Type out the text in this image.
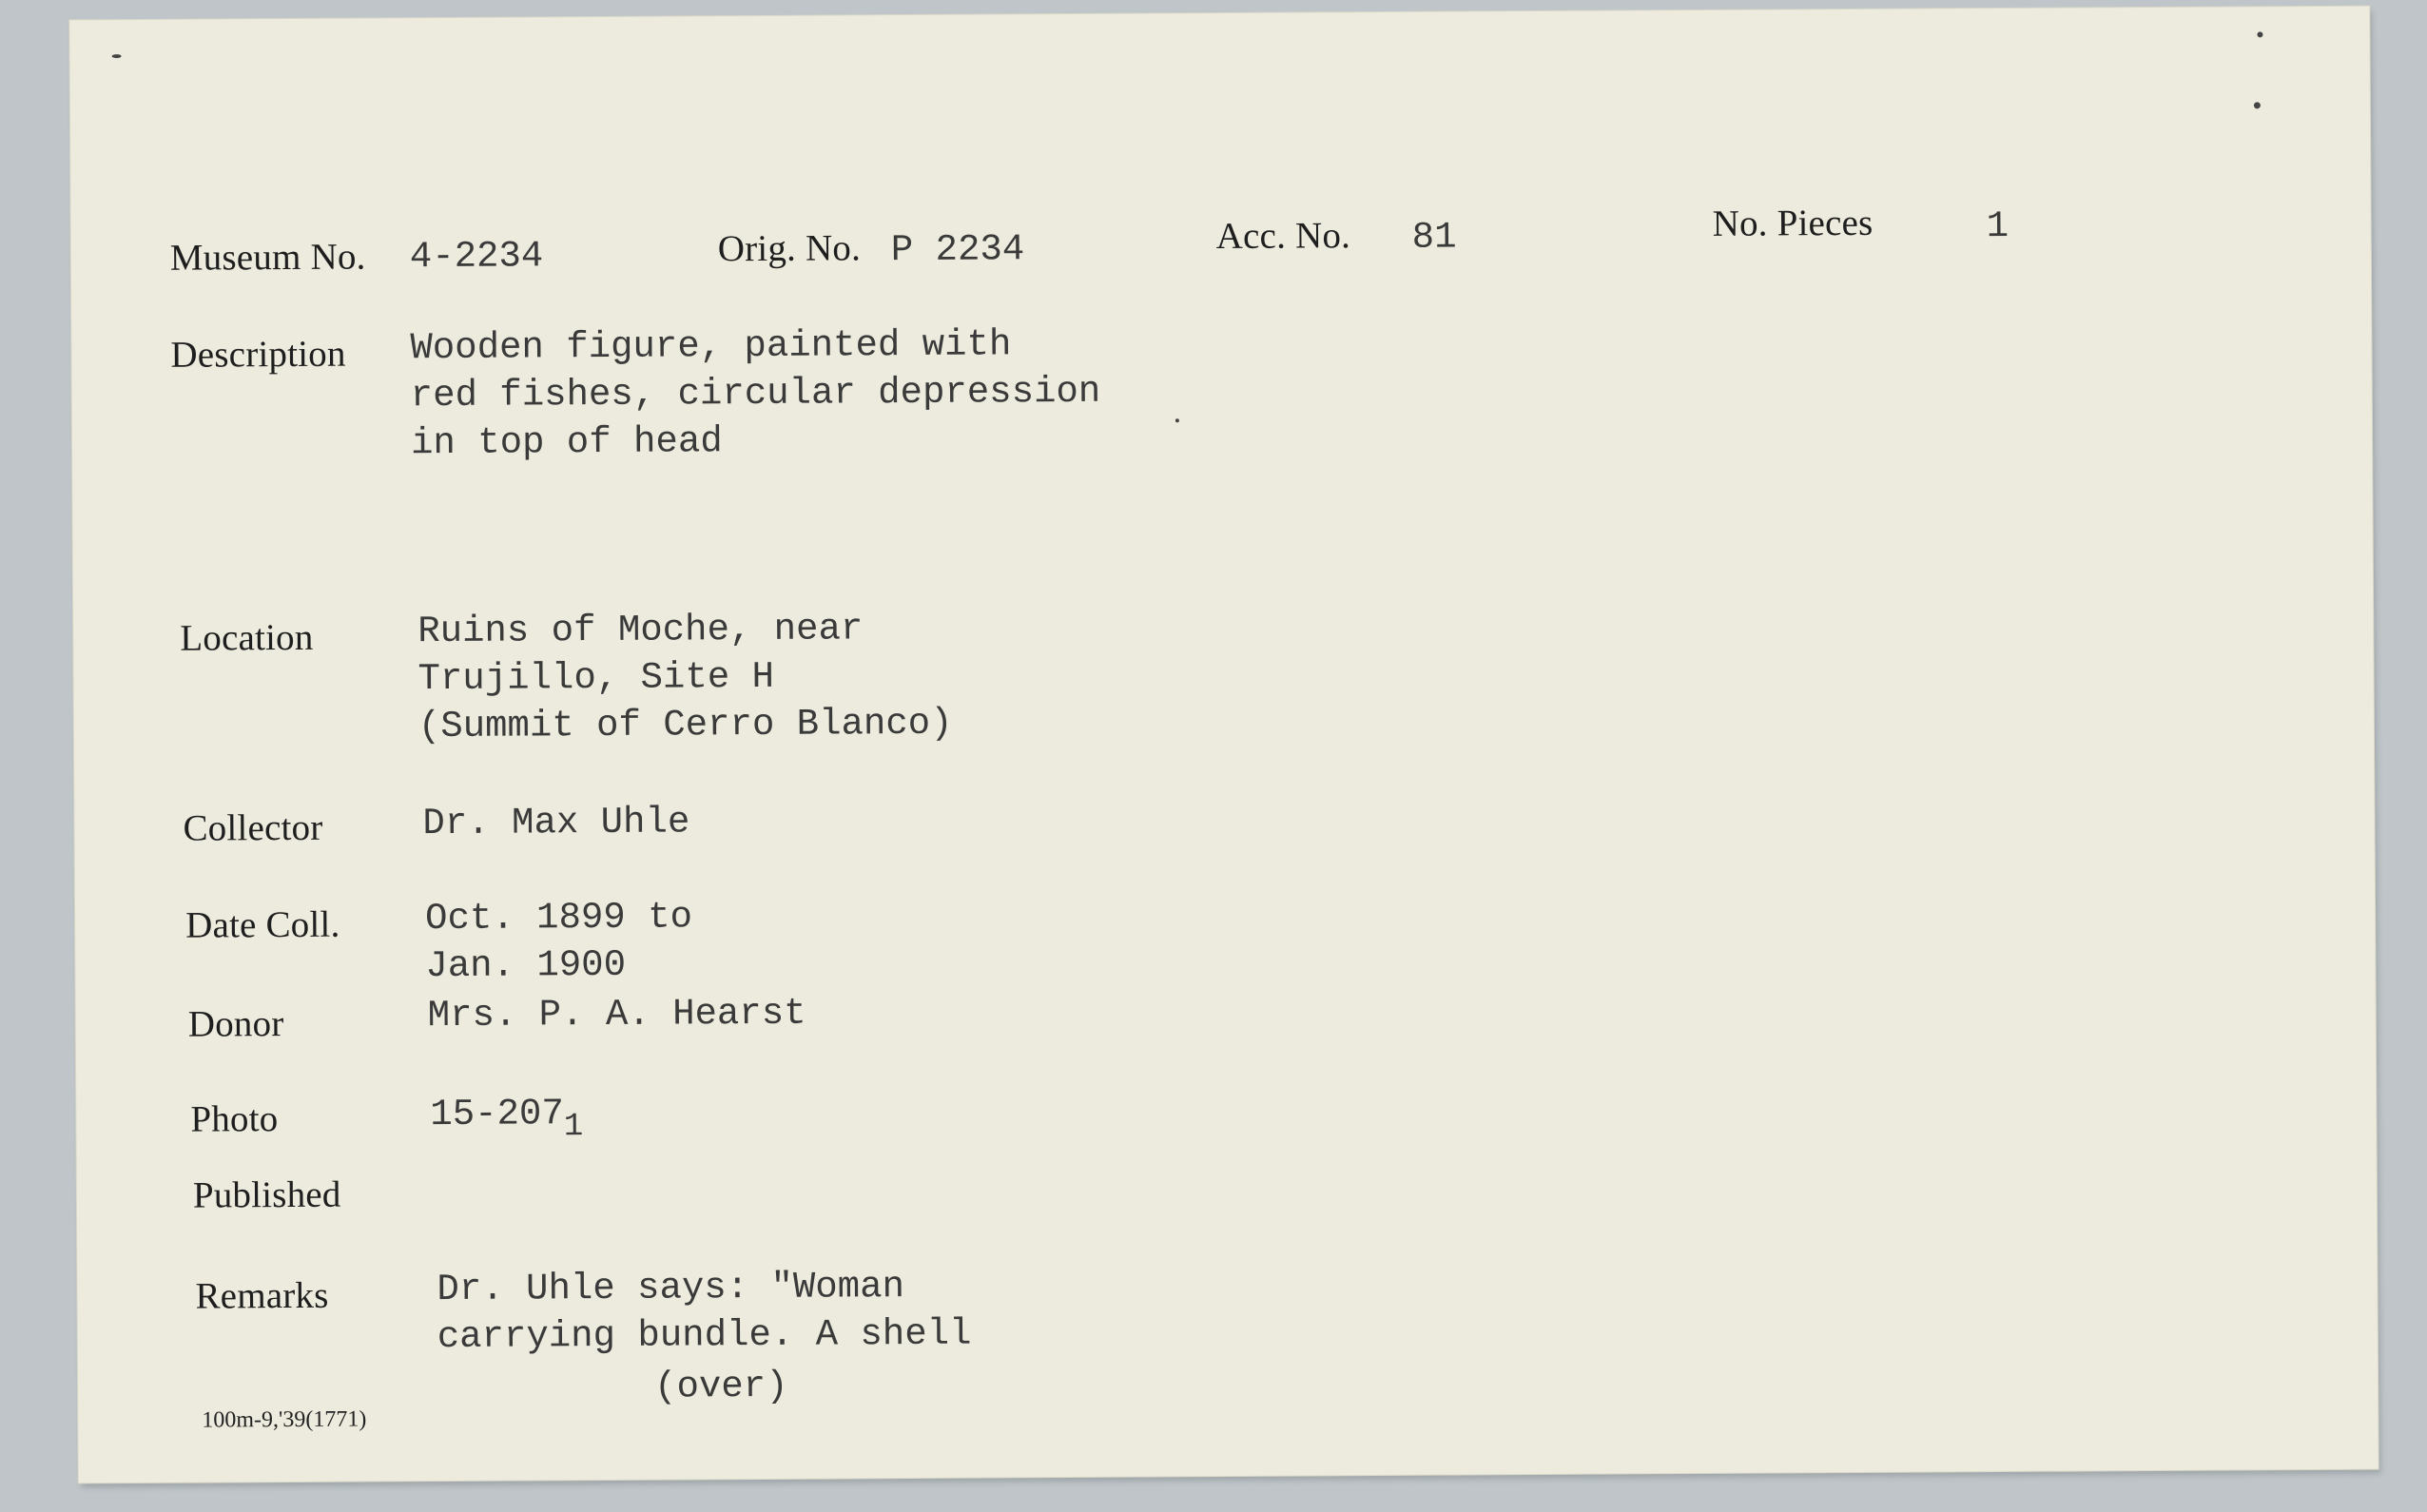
Museum No. 4-2234	Orig. No. P 2234	Acc. No. 81	No. Pieces	1
Description Wooden figure, painted with
red fishes, circular depression
in top of head
Location	Ruins of Moche, near
Trujillo, Site H
(Summit of Cerro Blanco)
Collector	Dr. Max Uhle
Date Coll. Oct. 1899 to
Jan. 1900
Donor	Mrs. P. A. Hearst
Photo	15-2071
Published
Remarks	Dr. Uhle says: "Woman
carrying bundle. A shell
(over)
100m-9,'39(1771)
